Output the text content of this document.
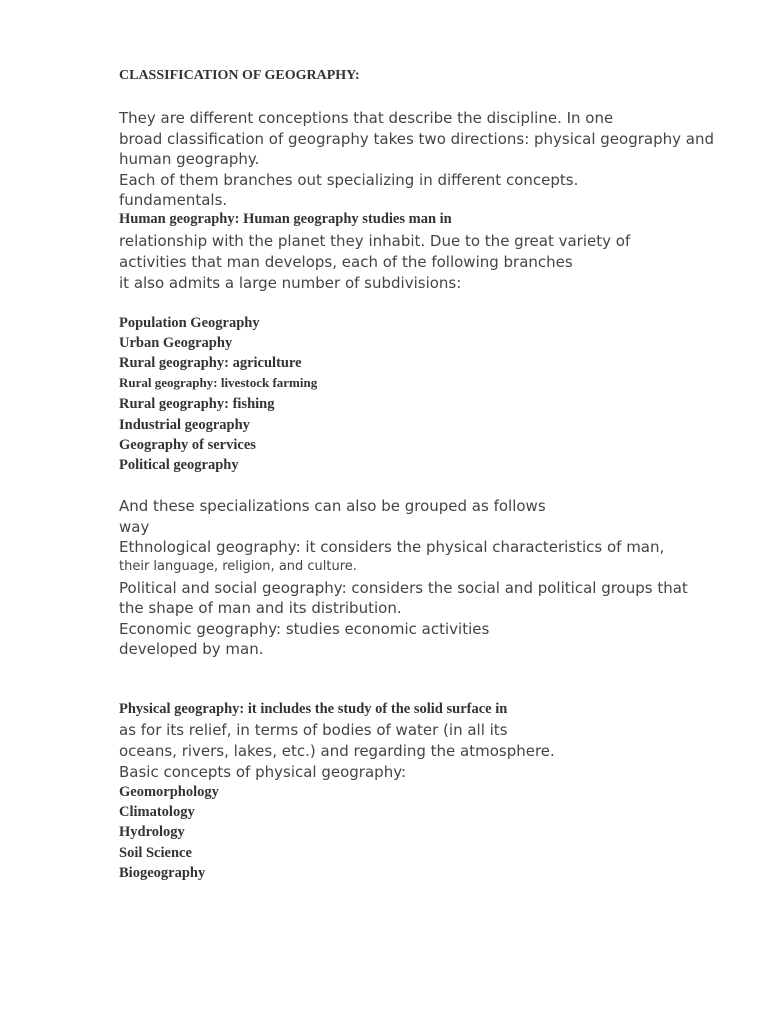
CLASSIFICATION OF GEOGRAPHY:
They are different conceptions that describe the discipline. In one
broad classification of geography takes two directions: physical geography and
human geography.
Each of them branches out specializing in different concepts.
fundamentals.
Human geography: Human geography studies man in
relationship with the planet they inhabit. Due to the great variety of
activities that man develops, each of the following branches
it also admits a large number of subdivisions:
Population Geography
Urban Geography
Rural geography: agriculture
Rural geography: livestock farming
Rural geography: fishing
Industrial geography
Geography of services
Political geography
And these specializations can also be grouped as follows
way
Ethnological geography: it considers the physical characteristics of man,
their language, religion, and culture.
Political and social geography: considers the social and political groups that
the shape of man and its distribution.
Economic geography: studies economic activities
developed by man.
Physical geography: it includes the study of the solid surface in
as for its relief, in terms of bodies of water (in all its
oceans, rivers, lakes, etc.) and regarding the atmosphere.
Basic concepts of physical geography:
Geomorphology
Climatology
Hydrology
Soil Science
Biogeography
